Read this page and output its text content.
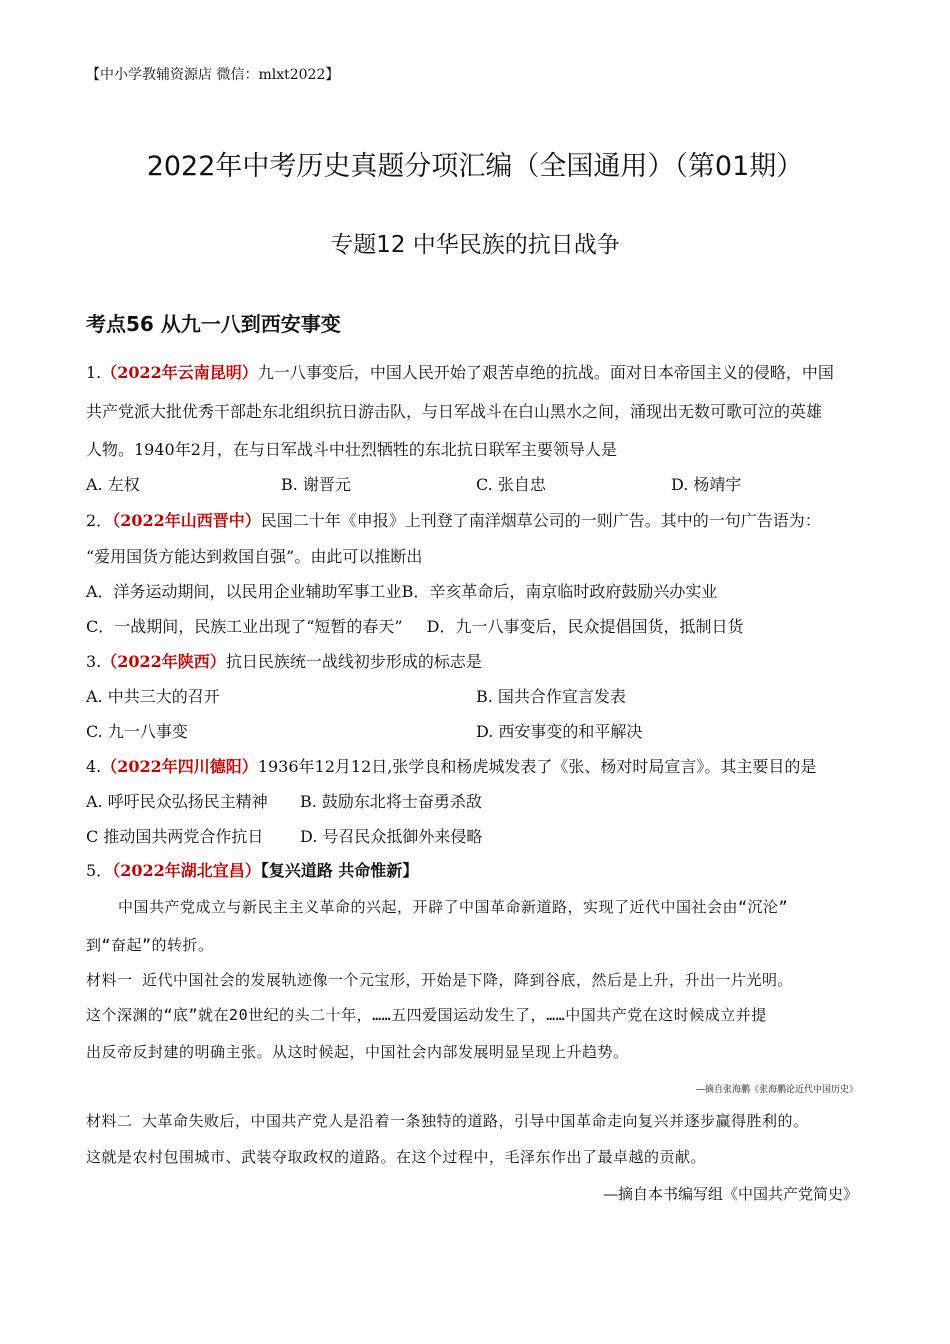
【中小学教辅资源店 微信：mlxt2022】
2022年中考历史真题分项汇编（全国通用）（第01期）
专题12 中华民族的抗日战争
考点56 从九一八到西安事变
1.（2022年云南昆明）九一八事变后，中国人民开始了艰苦卓绝的抗战。面对日本帝国主义的侵略，中国
共产党派大批优秀干部赴东北组织抗日游击队，与日军战斗在白山黑水之间，涌现出无数可歌可泣的英雄
人物。1940年2月，在与日军战斗中壮烈牺牲的东北抗日联军主要领导人是
A. 左权	B. 谢晋元	C. 张自忠	D. 杨靖宇
2．（2022年山西晋中）民国二十年《申报》上刊登了南洋烟草公司的一则广告。其中的一句广告语为：
“爱用国货方能达到救国自强”。由此可以推断出
A．洋务运动期间，以民用企业辅助军事工业B．辛亥革命后，南京临时政府鼓励兴办实业
C．一战期间，民族工业出现了“短暂的春天” D．九一八事变后，民众提倡国货，抵制日货
3.（2022年陕西）抗日民族统一战线初步形成的标志是
A. 中共三大的召开	B. 国共合作宣言发表
C. 九一八事变	D. 西安事变的和平解决
4.（2022年四川德阳）1936年12月12日,张学良和杨虎城发表了《张、杨对时局宣言》。其主要目的是
A. 呼吁民众弘扬民主精神 B. 鼓励东北将士奋勇杀敌
C 推动国共两党合作抗日 D. 号召民众抵御外来侵略
5．（2022年湖北宜昌）【复兴道路 共命惟新】
中国共产党成立与新民主主义革命的兴起，开辟了中国革命新道路，实现了近代中国社会由“沉沦”
到“奋起”的转折。
材料一 近代中国社会的发展轨迹像一个元宝形，开始是下降，降到谷底，然后是上升，升出一片光明。
这个深渊的“底”就在20世纪的头二十年，……五四爱国运动发生了，……中国共产党在这时候成立并提
出反帝反封建的明确主张。从这时候起，中国社会内部发展明显呈现上升趋势。
—摘自张海鹏《张海鹏论近代中国历史》
材料二 大革命失败后，中国共产党人是沿着一条独特的道路，引导中国革命走向复兴并逐步赢得胜利的。
这就是农村包围城市、武装夺取政权的道路。在这个过程中，毛泽东作出了最卓越的贡献。
—摘自本书编写组《中国共产党简史》
